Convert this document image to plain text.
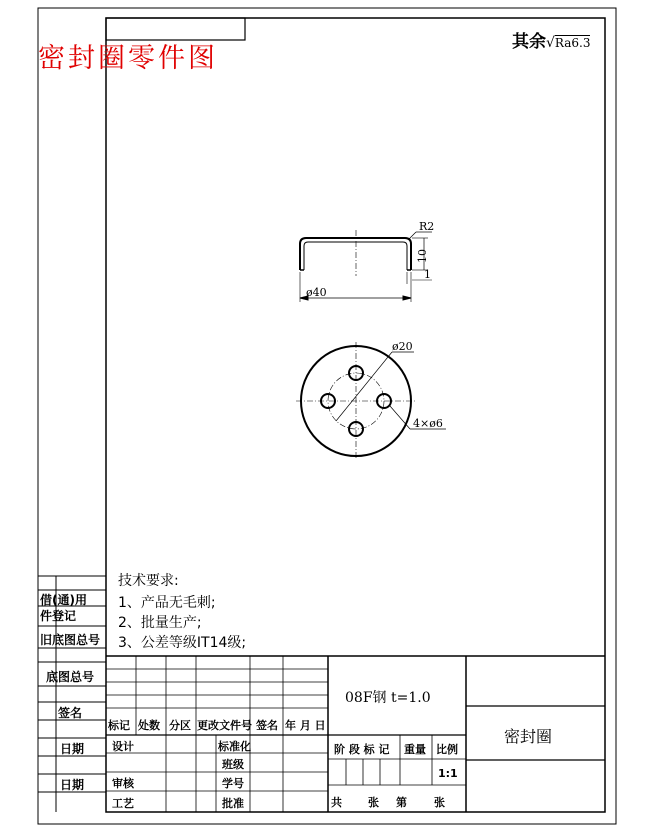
ø40
R2
10
1
ø20
4×ø6
密封圈零件图
其余√Ra6.3
技术要求:
1、产品无毛刺;
2、批量生产;
3、公差等级IT14级;
借(通)用
件登记
旧底图总号
底图总号
签名
日期
日期
标记 处数 分区 更改文件号 签名 年 月 日
设计	标准化
班级
审核	学号
工艺	批准
08F钢 t=1.0
密封圈
阶 段 标 记 重量 比例
1:1
共 张 第 张
